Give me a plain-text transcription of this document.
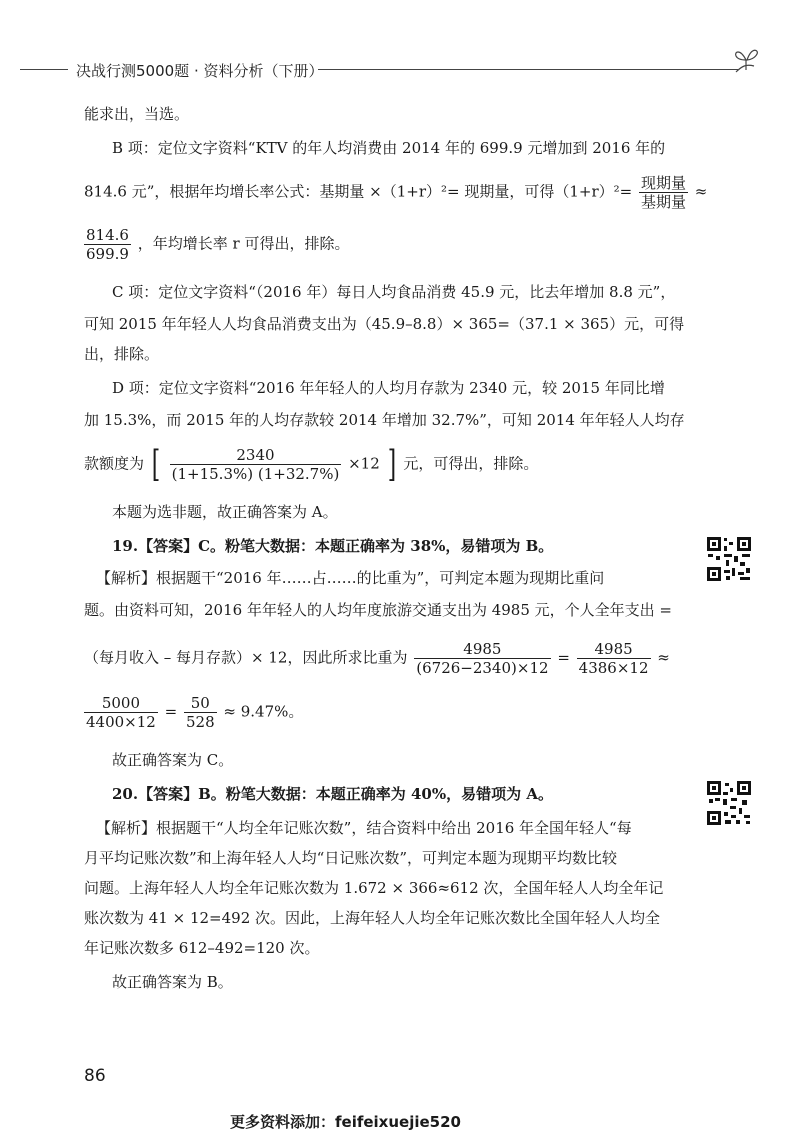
决战行测5000题 · 资料分析（下册）
能求出，当选。
B 项：定位文字资料“KTV 的年人均消费由 2014 年的 699.9 元增加到 2016 年的
814.6 元”，根据年均增长率公式：基期量 ×（1+r）²= 现期量，可得$(1+r)^2= \frac{\text{现期量}}{\text{基期量}}$ ≈
$\frac{814.6}{699.9}$ ，年均增长率 r 可得出，排除。
C 项：定位文字资料“（2016 年）每日人均食品消费 45.9 元，比去年增加 8.8 元”，
可知 2015 年年轻人人均食品消费支出为（45.9–8.8）× 365=（37.1 × 365）元，可得
出，排除。
D 项：定位文字资料“2016 年年轻人的人均月存款为 2340 元，较 2015 年同比增
加 15.3%，而 2015 年的人均存款较 2014 年增加 32.7%”，可知 2014 年年轻人人均存
款额度为 [ $\frac{2340}{(1+15.3\%) (1+32.7\%)} \times 12$ ] 元，可得出，排除。
本题为选非题，故正确答案为 A。
19.【答案】C。粉笔大数据：本题正确率为 38%，易错项为 B。
【解析】根据题干“2016 年……占……的比重为”，可判定本题为现期比重问
题。由资料可知，2016 年年轻人的人均年度旅游交通支出为 4985 元，个人全年支出 =
（每月收入 – 每月存款）× 12，因此所求比重为 $\frac{4985}{(6726-2340)\times 12} = \frac{4985}{4386\times 12}$ ≈
$\frac{5000}{4400\times 12} = \frac{50}{528} \approx 9.47\%$。
故正确答案为 C。
20.【答案】B。粉笔大数据：本题正确率为 40%，易错项为 A。
【解析】根据题干“人均全年记账次数”，结合资料中给出 2016 年全国年轻人“每
月平均记账次数”和上海年轻人人均“日记账次数”，可判定本题为现期平均数比较
问题。上海年轻人人均全年记账次数为 1.672 × 366≈612 次，全国年轻人人均全年记
账次数为 41 × 12=492 次。因此，上海年轻人人均全年记账次数比全国年轻人人均全
年记账次数多 612–492=120 次。
故正确答案为 B。
86
更多资料添加：feifeixuejie520
